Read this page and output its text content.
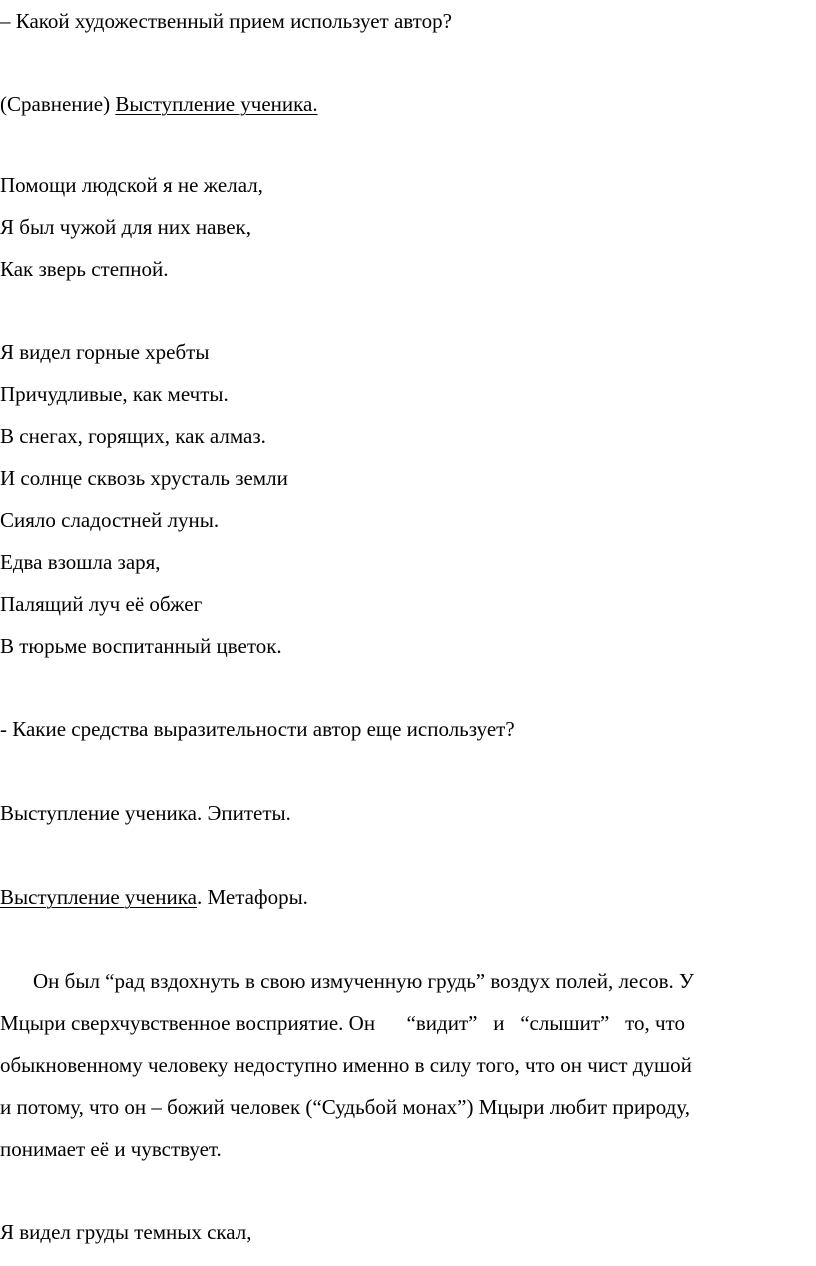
– Какой художественный прием использует автор?
(Сравнение) Выступление ученика.
Помощи людской я не желал,
Я был чужой для них навек,
Как зверь степной.
Я видел горные хребты
Причудливые, как мечты.
В снегах, горящих, как алмаз.
И солнце сквозь хрусталь земли
Сияло сладостней луны.
Едва взошла заря,
Палящий луч её обжег
В тюрьме воспитанный цветок.
- Какие средства выразительности автор еще использует?
Выступление ученика. Эпитеты.
Выступление ученика. Метафоры.
Он был “рад вздохнуть в свою измученную грудь” воздух полей, лесов. У
Мцыри сверхчувственное восприятие. Он      “видит”   и   “слышит”   то, что
обыкновенному человеку недоступно именно в силу того, что он чист душой
и потому, что он – божий человек (“Судьбой монах”) Мцыри любит природу,
понимает её и чувствует.
Я видел груды темных скал,
